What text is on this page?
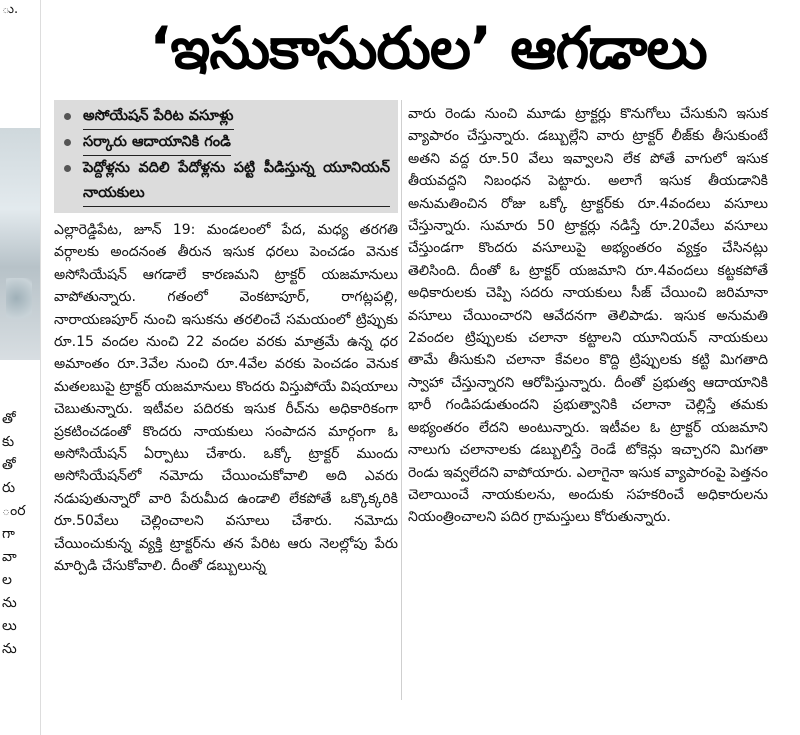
ు.
తో
కు
తో
రు
ంర
గా
వా
ల
ను
లు
ను
‘ఇసుకాసురుల’ ఆగడాలు
అసోయేషన్ పేరిట వసూళ్లు
సర్కారు ఆదాయానికి గండి
పెద్దోళ్లను వదిలి పేదోళ్లను పట్టి పీడిస్తున్న యూనియన్ నాయకులు

ఎల్లారెడ్డిపేట, జూన్ 19: మండలంలో పేద, మధ్య తరగతి వర్గాలకు అందనంత తీరున ఇసుక ధరలు పెంచడం వెనుక అసోసియేషన్ ఆగడాలే కారణమని ట్రాక్టర్ యజమానులు వాపోతున్నారు. గతంలో వెంకటాపూర్, రాగట్లపల్లి, నారాయణపూర్ నుంచి ఇసుకను తరలించే సమయంలో ట్రిప్పుకు రూ.15 వందల నుంచి 22 వందల వరకు మాత్రమే ఉన్న ధర అమాంతం రూ.3వేల నుంచి రూ.4వేల వరకు పెంచడం వెనుక మతలబుపై ట్రాక్టర్ యజమానులు కొందరు విస్తుపోయే విషయాలు చెబుతున్నారు. ఇటీవల పదిరకు ఇసుక రీచ్‌ను అధికారికంగా ప్రకటించడంతో కొందరు నాయకులు సంపాదన మార్గంగా ఓ అసోసియేషన్ ఏర్పాటు చేశారు. ఒక్కో ట్రాక్టర్ ముందు అసోసియేషన్‌లో నమోదు చేయించుకోవాలి అది ఎవరు నడుపుతున్నారో వారి పేరుమీద ఉండాలి లేకపోతే ఒక్కొక్కరికి రూ.50వేలు చెల్లించాలని వసూలు చేశారు. నమోదు చేయించుకున్న వ్యక్తి ట్రాక్టర్‌ను తన పేరిట ఆరు నెలల్లోపు పేరు మార్పిడి చేసుకోవాలి. దీంతో డబ్బులున్న

వారు రెండు నుంచి మూడు ట్రాక్టర్లు కొనుగోలు చేసుకుని ఇసుక వ్యాపారం చేస్తున్నారు. డబ్బుల్లేని వారు ట్రాక్టర్ లీజ్‌కు తీసుకుంటే అతని వద్ద రూ.50 వేలు ఇవ్వాలని లేక పోతే వాగులో ఇసుక తీయవద్దని నిబంధన పెట్టారు. అలాగే ఇసుక తీయడానికి అనుమతించిన రోజు ఒక్కో ట్రాక్టర్‌కు రూ.4వందలు వసూలు చేస్తున్నారు. సుమారు 50 ట్రాక్టర్లు నడిస్తే రూ.20వేలు వసూలు చేస్తుండగా కొందరు వసూలుపై అభ్యంతరం వ్యక్తం చేసినట్లు తెలిసింది. దీంతో ఓ ట్రాక్టర్ యజమాని రూ.4వందలు కట్టకపోతే అధికారులకు చెప్పి సదరు నాయకులు సీజ్ చేయించి జరిమానా వసూలు చేయించారని ఆవేదనగా తెలిపాడు. ఇసుక అనుమతి 2వందల ట్రిప్పులకు చలానా కట్టాలని యూనియన్ నాయకులు తామే తీసుకుని చలానా కేవలం కొద్ది ట్రిప్పులకు కట్టి మిగతాది స్వాహా చేస్తున్నారని ఆరోపిస్తున్నారు. దీంతో ప్రభుత్వ ఆదాయానికి భారీ గండిపడుతుందని ప్రభుత్వానికి చలానా చెల్లిస్తే తమకు అభ్యంతరం లేదని అంటున్నారు. ఇటీవల ఓ ట్రాక్టర్ యజమాని నాలుగు చలానాలకు డబ్బులిస్తే రెండే టోకెన్లు ఇచ్చారని మిగతా రెండు ఇవ్వలేదని వాపోయారు. ఎలాగైనా ఇసుక వ్యాపారంపై పెత్తనం చెలాయించే నాయకులను, అందుకు సహకరించే అధికారులను నియంత్రించాలని పదిర గ్రామస్తులు కోరుతున్నారు.
